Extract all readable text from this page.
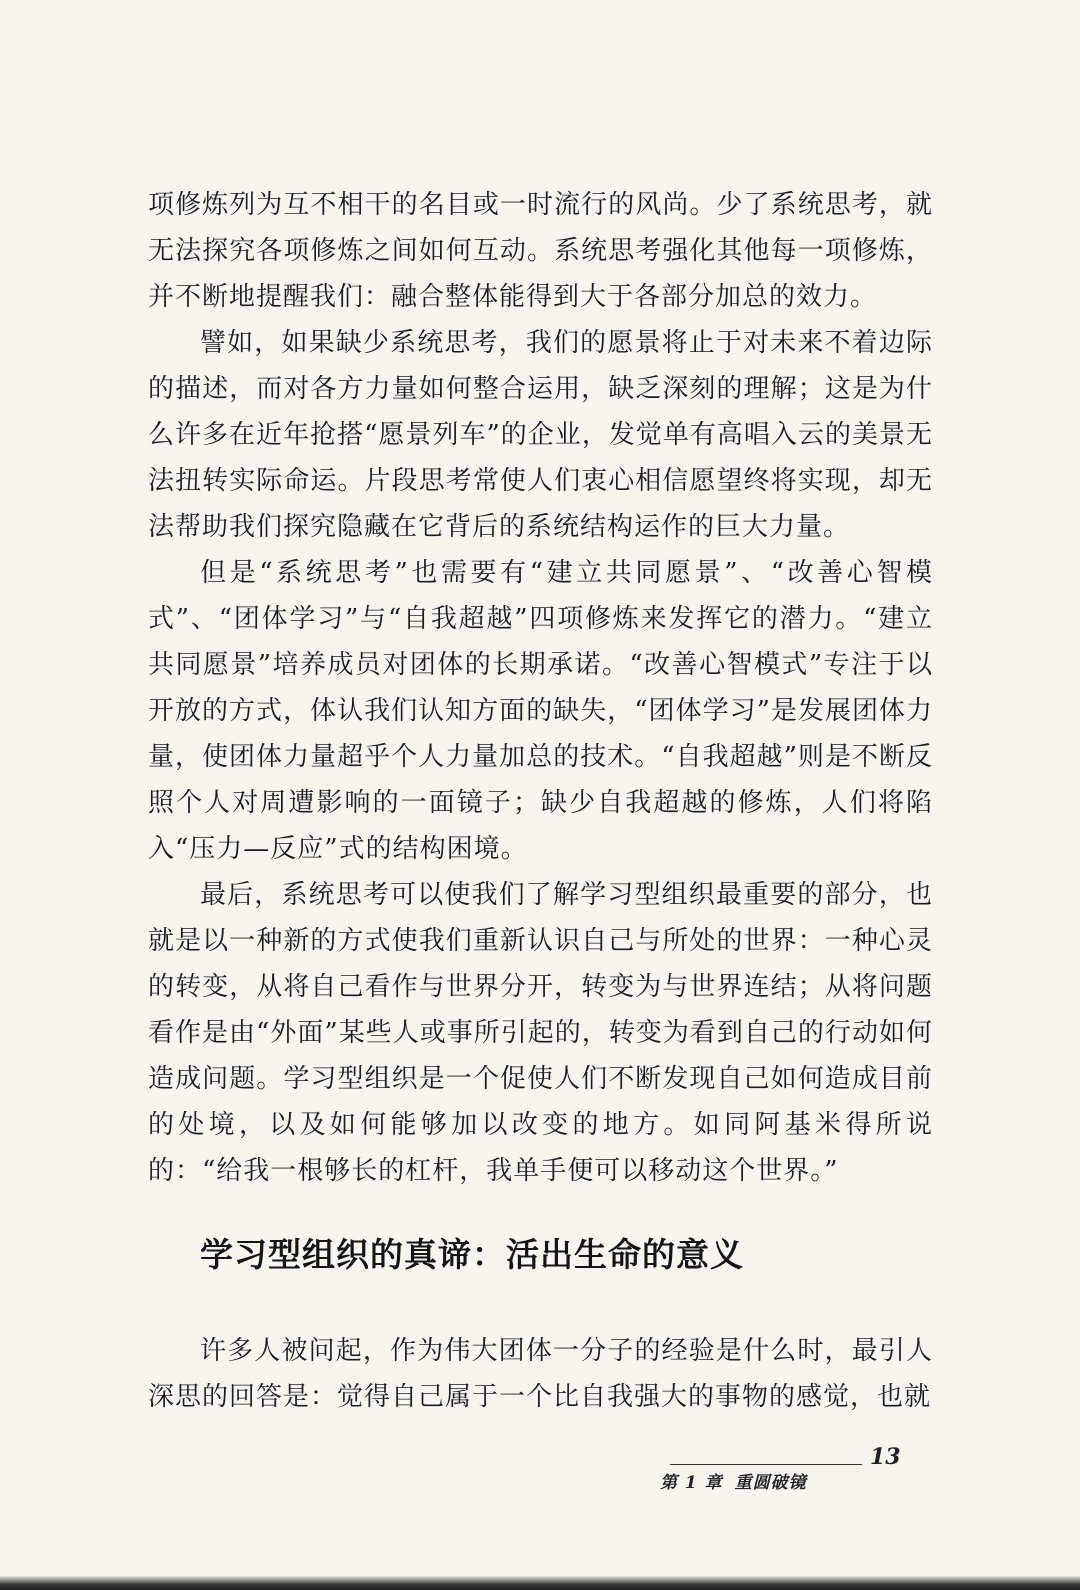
项修炼列为互不相干的名目或一时流行的风尚。少了系统思考，就无法探究各项修炼之间如何互动。系统思考强化其他每一项修炼，并不断地提醒我们：融合整体能得到大于各部分加总的效力。

譬如，如果缺少系统思考，我们的愿景将止于对未来不着边际的描述，而对各方力量如何整合运用，缺乏深刻的理解；这是为什么许多在近年抢搭“愿景列车”的企业，发觉单有高唱入云的美景无法扭转实际命运。片段思考常使人们衷心相信愿望终将实现，却无法帮助我们探究隐藏在它背后的系统结构运作的巨大力量。

但是“系统思考”也需要有“建立共同愿景”、“改善心智模式”、“团体学习”与“自我超越”四项修炼来发挥它的潜力。“建立共同愿景”培养成员对团体的长期承诺。“改善心智模式”专注于以开放的方式，体认我们认知方面的缺失，“团体学习”是发展团体力量，使团体力量超乎个人力量加总的技术。“自我超越”则是不断反照个人对周遭影响的一面镜子；缺少自我超越的修炼，人们将陷入“压力—反应”式的结构困境。

最后，系统思考可以使我们了解学习型组织最重要的部分，也就是以一种新的方式使我们重新认识自己与所处的世界：一种心灵的转变，从将自己看作与世界分开，转变为与世界连结；从将问题看作是由“外面”某些人或事所引起的，转变为看到自己的行动如何造成问题。学习型组织是一个促使人们不断发现自己如何造成目前的处境，以及如何能够加以改变的地方。如同阿基米得所说的：“给我一根够长的杠杆，我单手便可以移动这个世界。”

学习型组织的真谛：活出生命的意义

许多人被问起，作为伟大团体一分子的经验是什么时，最引人深思的回答是：觉得自己属于一个比自我强大的事物的感觉，也就

第 1 章 重圆破镜
13
